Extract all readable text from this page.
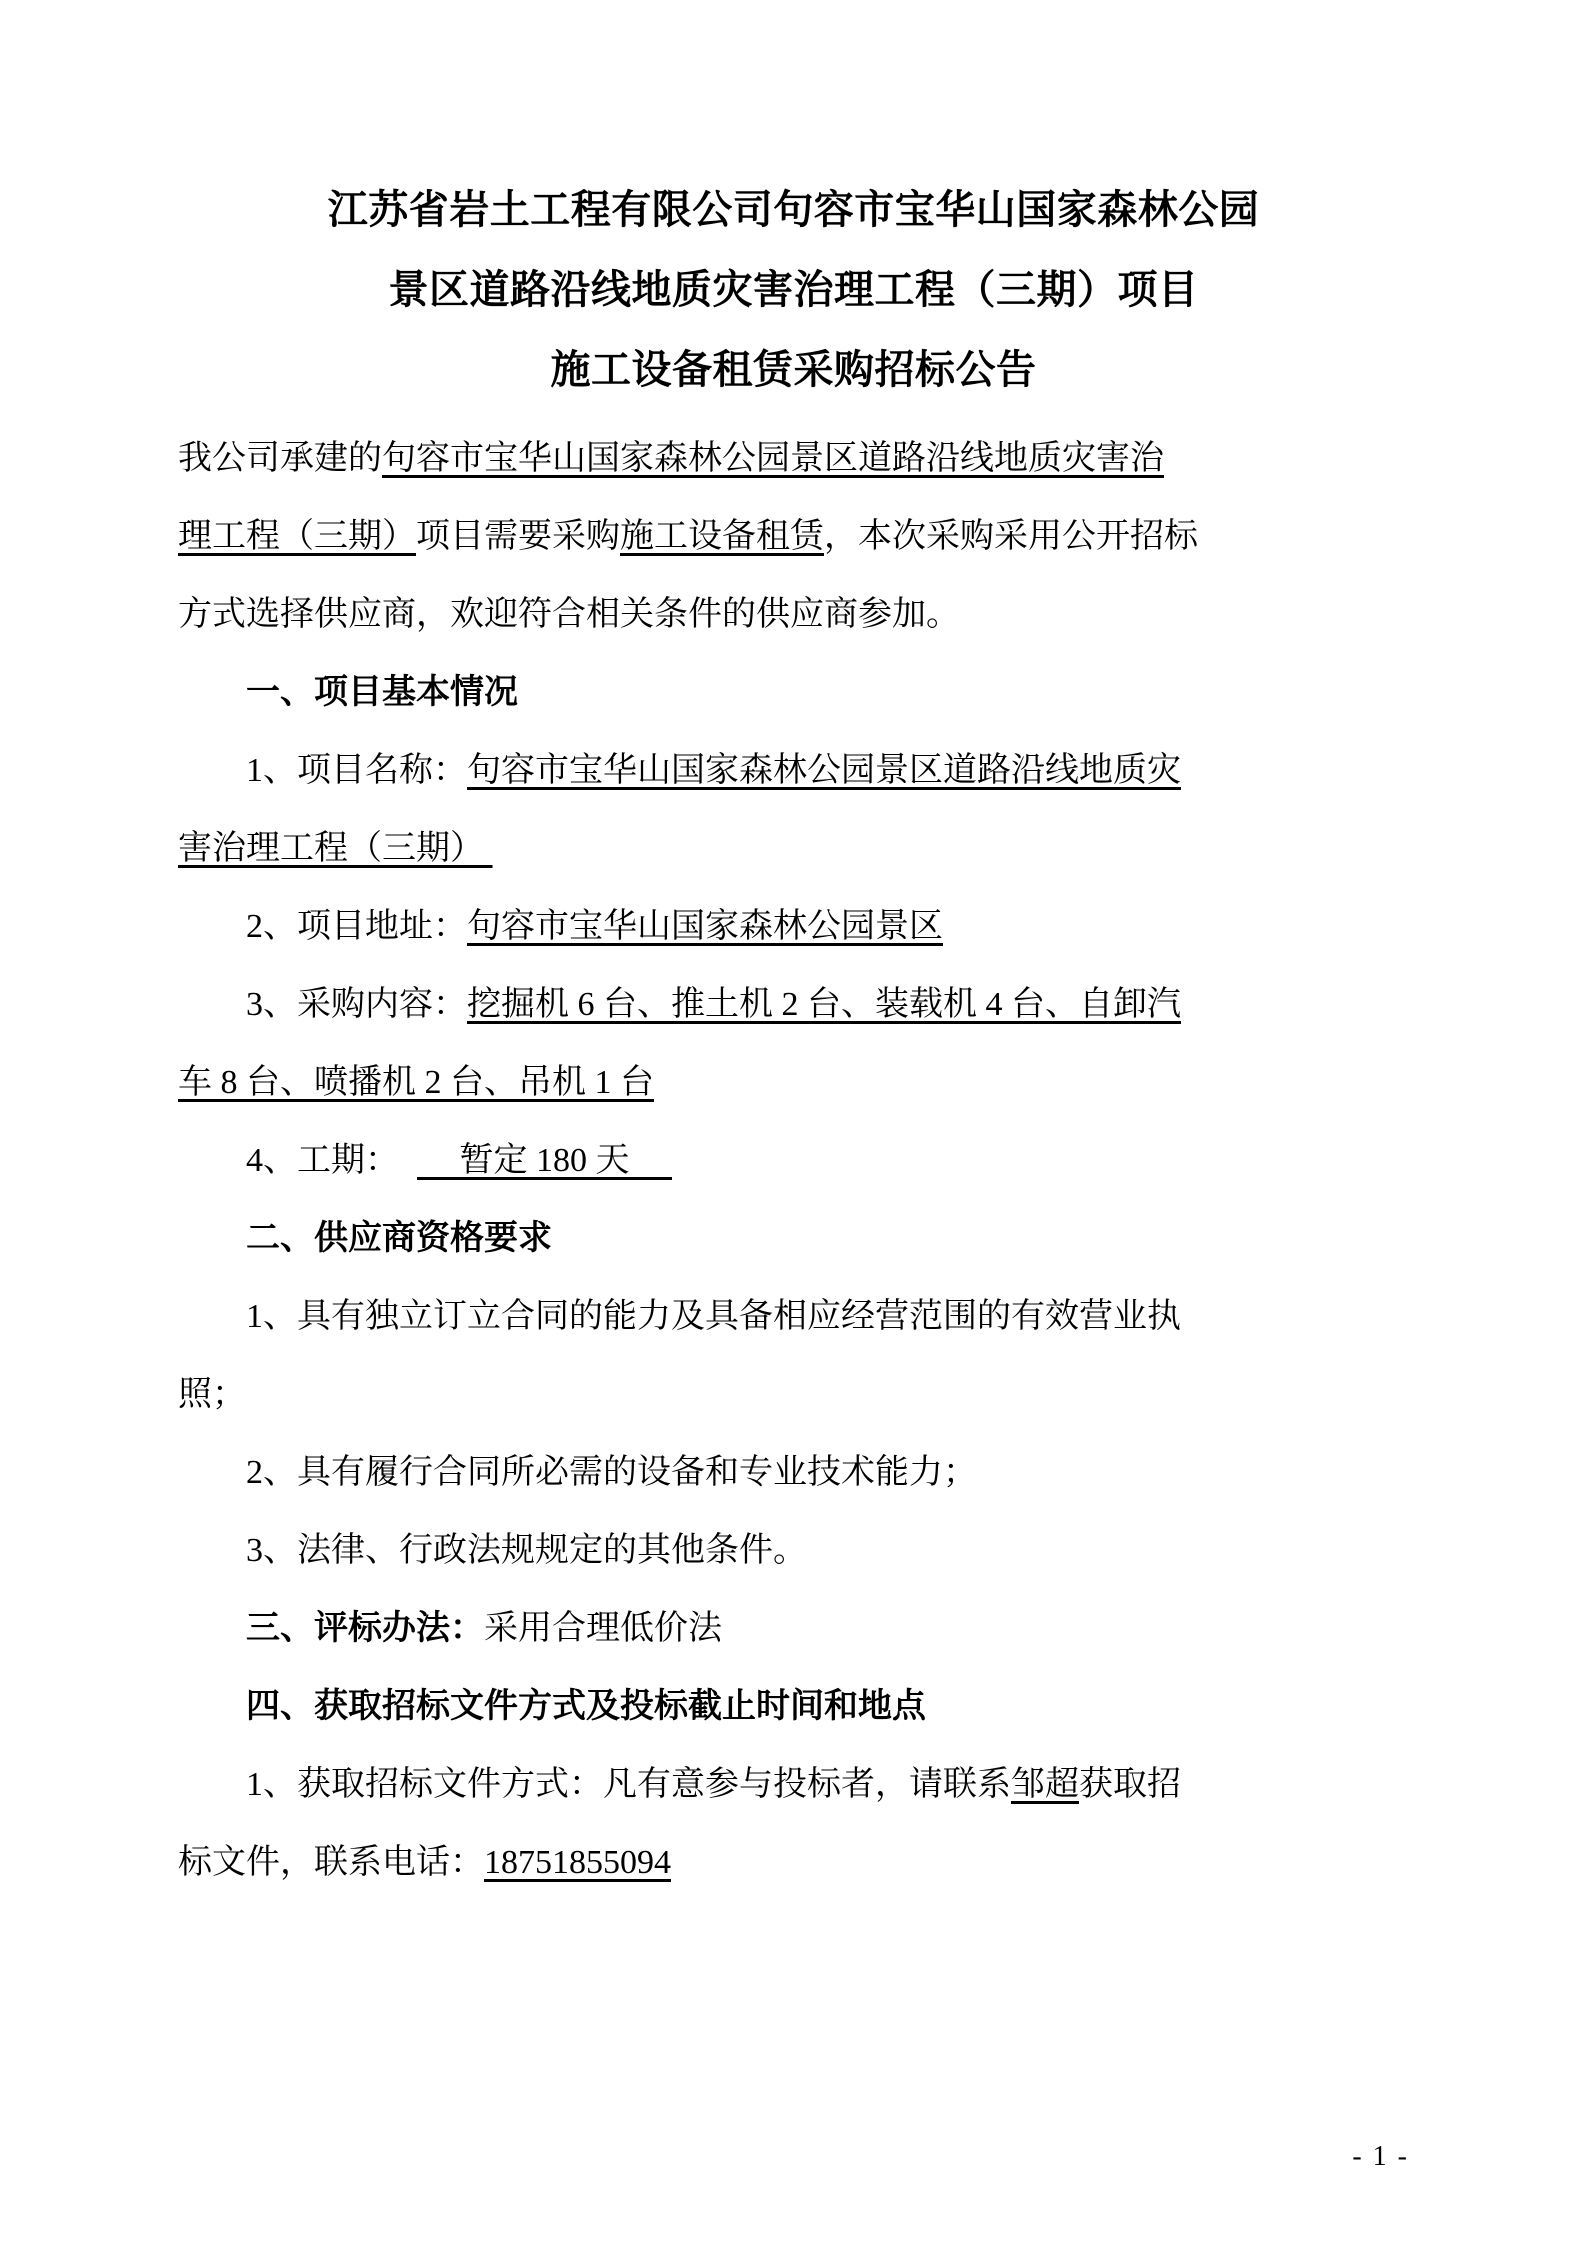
江苏省岩土工程有限公司句容市宝华山国家森林公园
景区道路沿线地质灾害治理工程（三期）项目
施工设备租赁采购招标公告

我公司承建的句容市宝华山国家森林公园景区道路沿线地质灾害治

理工程（三期）项目需要采购施工设备租赁，本次采购采用公开招标

方式选择供应商，欢迎符合相关条件的供应商参加。

一、项目基本情况

1、项目名称：句容市宝华山国家森林公园景区道路沿线地质灾

害治理工程（三期）

2、项目地址：句容市宝华山国家森林公园景区

3、采购内容：挖掘机 6 台、推土机 2 台、装载机 4 台、自卸汽

车 8 台、喷播机 2 台、吊机 1 台

4、工期： 暂定 180 天

二、供应商资格要求

1、具有独立订立合同的能力及具备相应经营范围的有效营业执

照；

2、具有履行合同所必需的设备和专业技术能力；

3、法律、行政法规规定的其他条件。

三、评标办法：采用合理低价法

四、获取招标文件方式及投标截止时间和地点

1、获取招标文件方式：凡有意参与投标者，请联系邹超获取招

标文件，联系电话：18751855094

- 1 -
